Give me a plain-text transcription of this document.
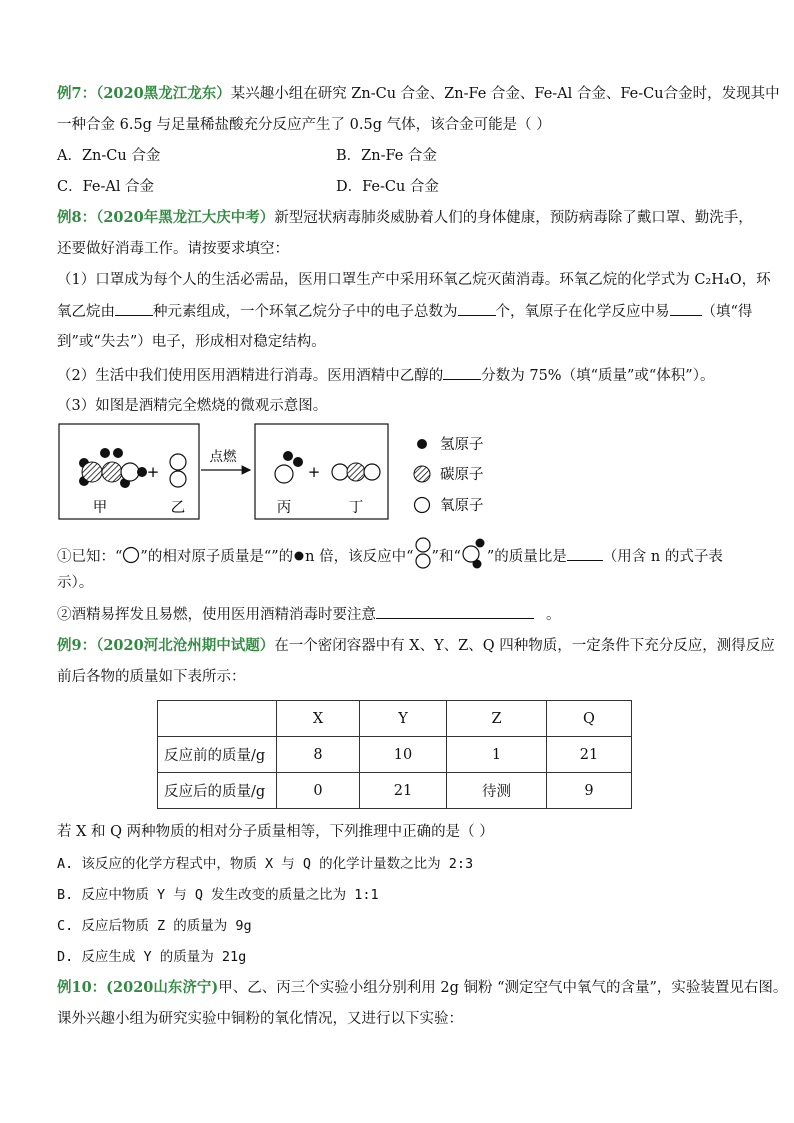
例7：（2020黑龙江龙东）某兴趣小组在研究 Zn-Cu 合金、Zn-Fe 合金、Fe-Al 合金、Fe-Cu合金时，发现其中
一种合金 6.5g 与足量稀盐酸充分反应产生了 0.5g 气体，该合金可能是（ ）
A．Zn-Cu 合金	B．Zn-Fe 合金
C．Fe-Al 合金	D．Fe-Cu 合金
例8：（2020年黑龙江大庆中考）新型冠状病毒肺炎威胁着人们的身体健康，预防病毒除了戴口罩、勤洗手，
还要做好消毒工作。请按要求填空：
（1）口罩成为每个人的生活必需品，医用口罩生产中采用环氧乙烷灭菌消毒。环氧乙烷的化学式为 C₂H₄O，环
氧乙烷由	种元素组成，一个环氧乙烷分子中的电子总数为	个，氧原子在化学反应中易 （填“得
到”或“失去”）电子，形成相对稳定结构。
（2）生活中我们使用医用酒精进行消毒。医用酒精中乙醇的	分数为 75%（填“质量”或“体积”）。
（3）如图是酒精完全燃烧的微观示意图。
+
甲	乙
点燃
+
丙	丁
氢原子
碳原子
氧原子
①已知：“ ”的相对原子质量是“”的 n 倍，该反应中“ ”和“ ”的质量比是 （用含 n 的式子表
示）。
②酒精易挥发且易燃，使用医用酒精消毒时要注意	。
例9：（2020河北沧州期中试题）在一个密闭容器中有 X、Y、Z、Q 四种物质，一定条件下充分反应，测得反应
前后各物的质量如下表所示：
	X	Y	Z	Q
反应前的质量/g	8	10	1	21
反应后的质量/g	0	21	待测	9
若 X 和 Q 两种物质的相对分子质量相等，下列推理中正确的是（ ）
A. 该反应的化学方程式中，物质 X 与 Q 的化学计量数之比为 2:3
B. 反应中物质 Y 与 Q 发生改变的质量之比为 1:1
C. 反应后物质 Z 的质量为 9g
D. 反应生成 Y 的质量为 21g
例10：(2020山东济宁)甲、乙、丙三个实验小组分别利用 2g 铜粉 “测定空气中氧气的含量”，实验装置见右图。
课外兴趣小组为研究实验中铜粉的氧化情况，又进行以下实验：
